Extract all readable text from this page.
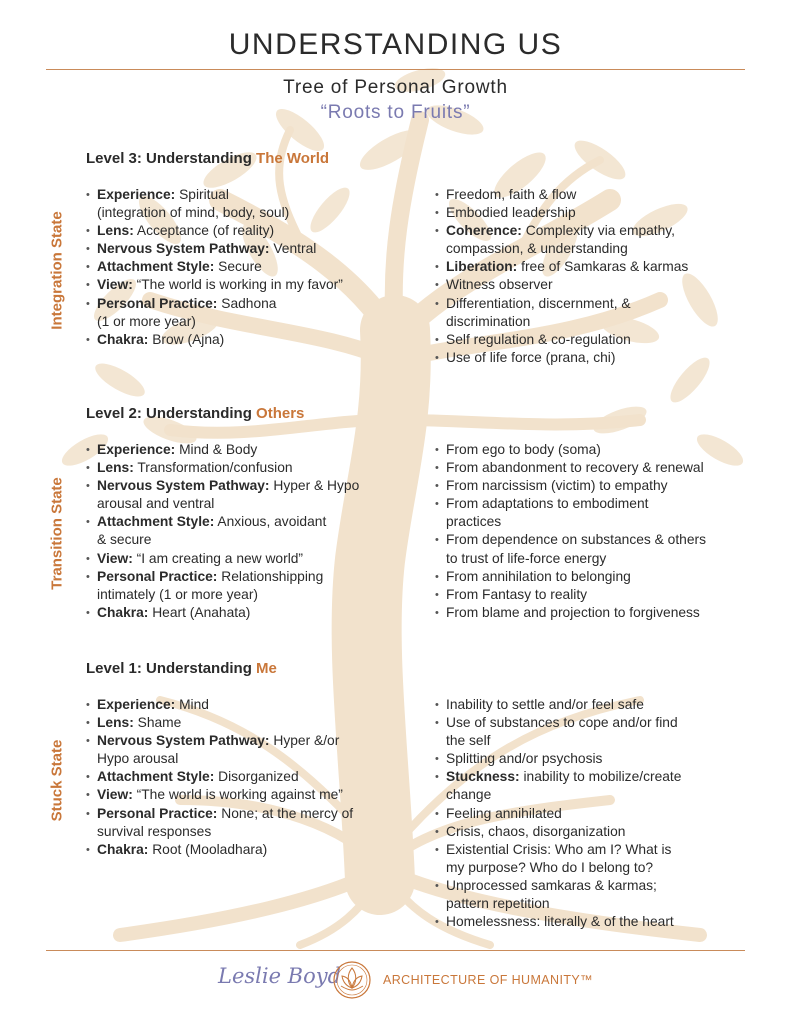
UNDERSTANDING US
Tree of Personal Growth
“Roots to Fruits”
Integration State
Transition State
Stuck State
Level 3: Understanding The World
• Experience: Spiritual
(integration of mind, body, soul)
• Lens: Acceptance (of reality)
• Nervous System Pathway: Ventral
• Attachment Style: Secure
• View: “The world is working in my favor”
• Personal Practice: Sadhona
(1 or more year)
• Chakra: Brow (Ajna)
• Freedom, faith & flow
• Embodied leadership
• Coherence: Complexity via empathy,
compassion, & understanding
• Liberation: free of Samkaras & karmas
• Witness observer
• Differentiation, discernment, &
discrimination
• Self regulation & co-regulation
• Use of life force (prana, chi)
Level 2: Understanding Others
• Experience: Mind & Body
• Lens: Transformation/confusion
• Nervous System Pathway: Hyper & Hypo
arousal and ventral
• Attachment Style: Anxious, avoidant
& secure
• View: “I am creating a new world”
• Personal Practice: Relationshipping
intimately (1 or more year)
• Chakra: Heart (Anahata)
• From ego to body (soma)
• From abandonment to recovery & renewal
• From narcissism (victim) to empathy
• From adaptations to embodiment
practices
• From dependence on substances & others
to trust of life-force energy
• From annihilation to belonging
• From Fantasy to reality
• From blame and projection to forgiveness
Level 1: Understanding Me
• Experience: Mind
• Lens: Shame
• Nervous System Pathway: Hyper &/or
Hypo arousal
• Attachment Style: Disorganized
• View: “The world is working against me”
• Personal Practice: None; at the mercy of
survival responses
• Chakra: Root (Mooladhara)
• Inability to settle and/or feel safe
• Use of substances to cope and/or find
the self
• Splitting and/or psychosis
• Stuckness: inability to mobilize/create
change
• Feeling annihilated
• Crisis, chaos, disorganization
• Existential Crisis: Who am I? What is
my purpose? Who do I belong to?
• Unprocessed samkaras & karmas;
pattern repetition
• Homelessness: literally & of the heart
Leslie Boyd	ARCHITECTURE OF HUMANITY™
